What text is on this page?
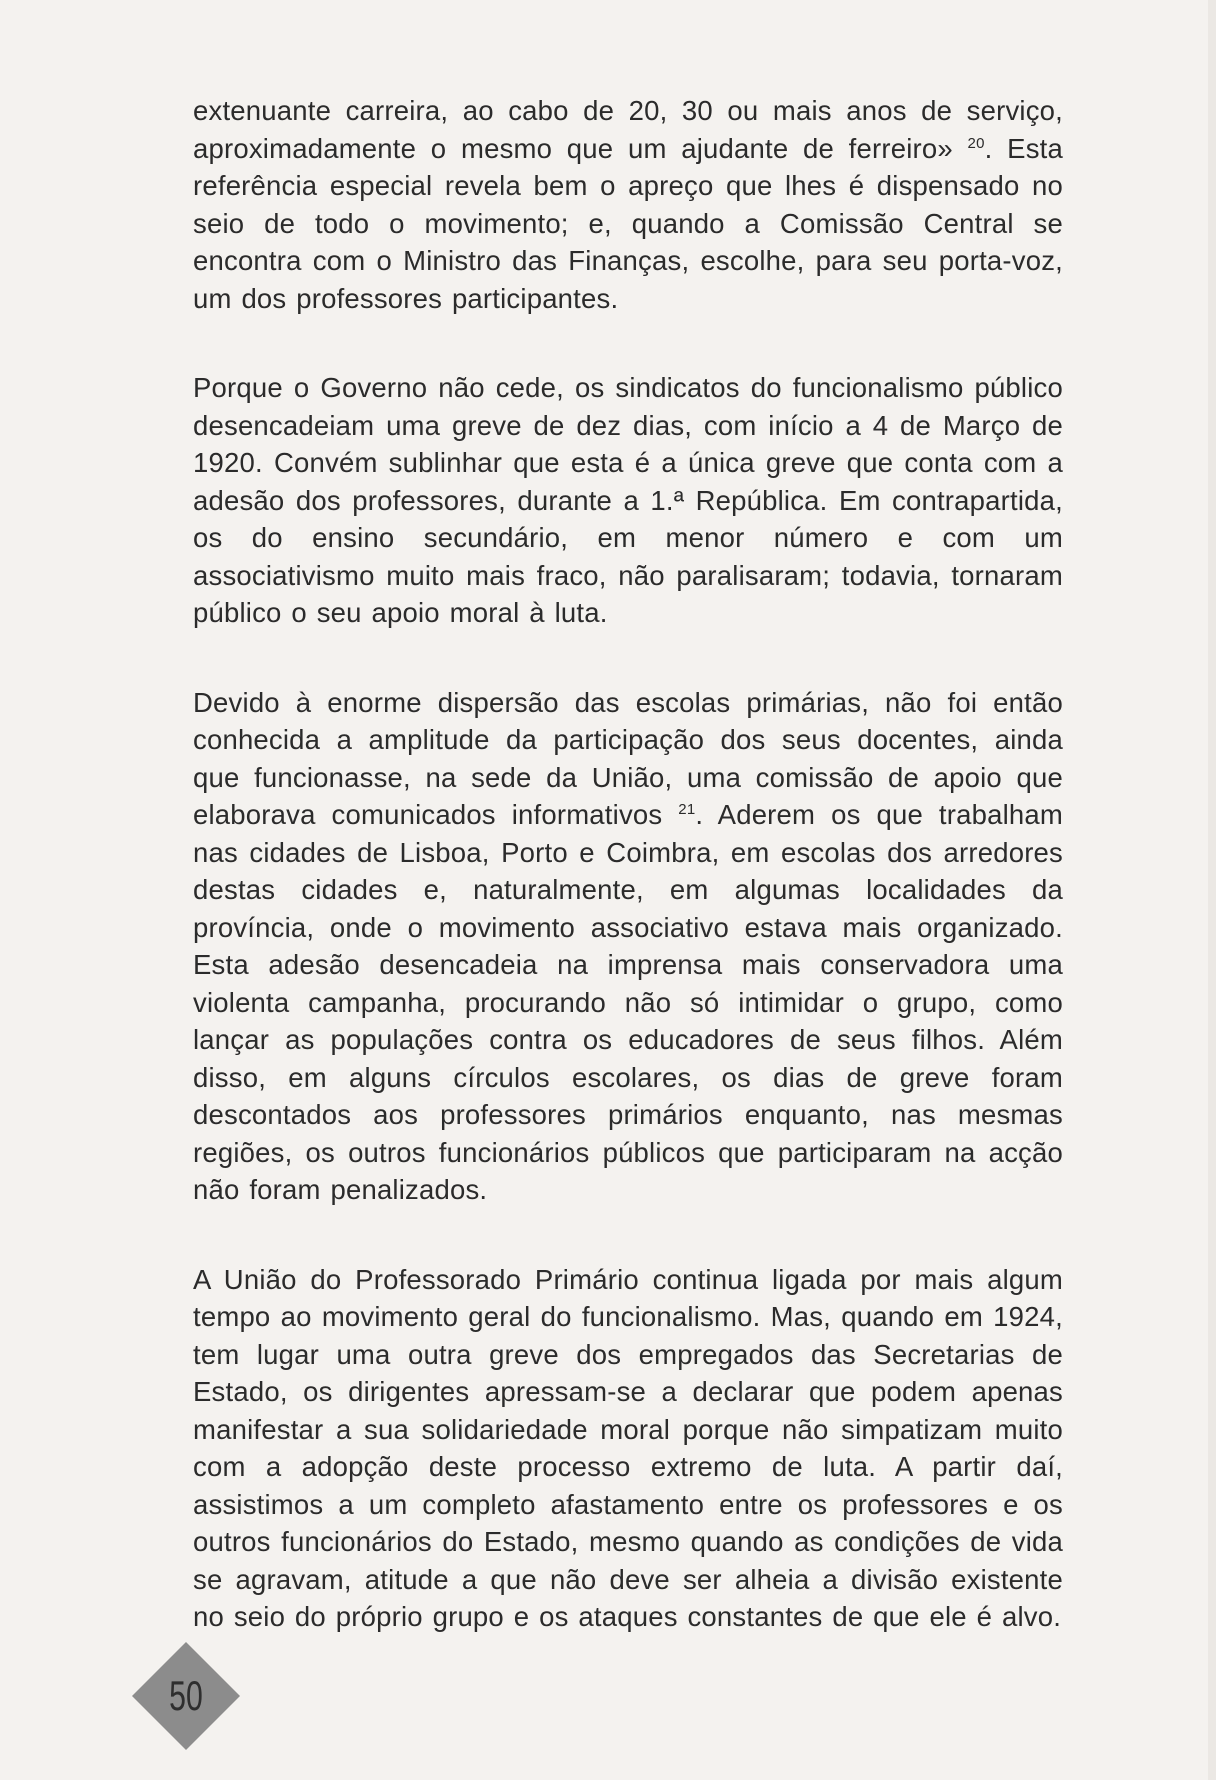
extenuante carreira, ao cabo de 20, 30 ou mais anos de serviço, aproximadamente o mesmo que um ajudante de ferreiro» $^{20}$. Esta referência especial revela bem o apreço que lhes é dispensado no seio de todo o movimento; e, quando a Comissão Central se encontra com o Ministro das Finanças, escolhe, para seu porta-voz, um dos professores participantes.

Porque o Governo não cede, os sindicatos do funcionalismo público desencadeiam uma greve de dez dias, com início a 4 de Março de 1920. Convém sublinhar que esta é a única greve que conta com a adesão dos professores, durante a 1.ª República. Em contrapartida, os do ensino secundário, em menor número e com um associativismo muito mais fraco, não paralisaram; todavia, tornaram público o seu apoio moral à luta.

Devido à enorme dispersão das escolas primárias, não foi então conhecida a amplitude da participação dos seus docentes, ainda que funcionasse, na sede da União, uma comissão de apoio que elaborava comunicados informativos $^{21}$. Aderem os que trabalham nas cidades de Lisboa, Porto e Coimbra, em escolas dos arredores destas cidades e, naturalmente, em algumas localidades da província, onde o movimento associativo estava mais organizado. Esta adesão desencadeia na imprensa mais conservadora uma violenta campanha, procurando não só intimidar o grupo, como lançar as populações contra os educadores de seus filhos. Além disso, em alguns círculos escolares, os dias de greve foram descontados aos professores primários enquanto, nas mesmas regiões, os outros funcionários públicos que participaram na acção não foram penalizados.

A União do Professorado Primário continua ligada por mais algum tempo ao movimento geral do funcionalismo. Mas, quando em 1924, tem lugar uma outra greve dos empregados das Secretarias de Estado, os dirigentes apressam-se a declarar que podem apenas manifestar a sua solidariedade moral porque não simpatizam muito com a adopção deste processo extremo de luta. A partir daí, assistimos a um completo afastamento entre os professores e os outros funcionários do Estado, mesmo quando as condições de vida se agravam, atitude a que não deve ser alheia a divisão existente no seio do próprio grupo e os ataques constantes de que ele é alvo.

50
